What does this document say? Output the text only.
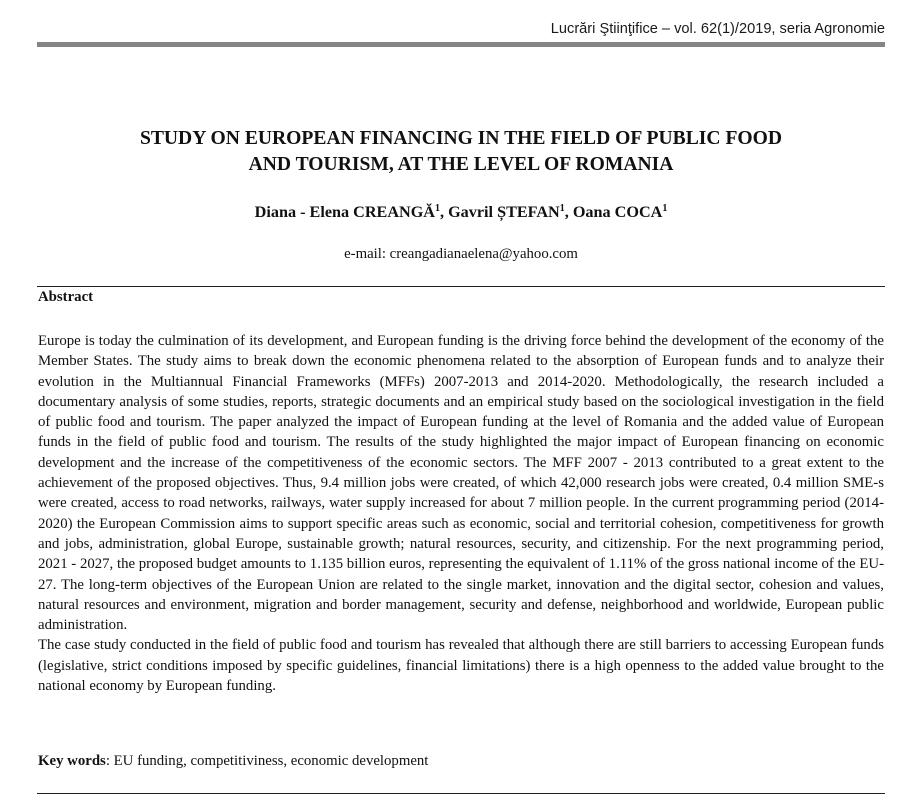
Lucrări Ştiinţifice – vol. 62(1)/2019, seria Agronomie
STUDY ON EUROPEAN FINANCING IN THE FIELD OF PUBLIC FOOD
AND TOURISM, AT THE LEVEL OF ROMANIA
Diana - Elena CREANGĂ$^1$, Gavril ȘTEFAN$^1$, Oana COCA$^1$
e-mail: creangadianaelena@yahoo.com
Abstract

Europe is today the culmination of its development, and European funding is the driving force behind the development of the economy of the Member States. The study aims to break down the economic phenomena related to the absorption of European funds and to analyze their evolution in the Multiannual Financial Frameworks (MFFs) 2007-2013 and 2014-2020. Methodologically, the research included a documentary analysis of some studies, reports, strategic documents and an empirical study based on the sociological investigation in the field of public food and tourism. The paper analyzed the impact of European funding at the level of Romania and the added value of European funds in the field of public food and tourism. The results of the study highlighted the major impact of European financing on economic development and the increase of the competitiveness of the economic sectors. The MFF 2007 - 2013 contributed to a great extent to the achievement of the proposed objectives. Thus, 9.4 million jobs were created, of which 42,000 research jobs were created, 0.4 million SME-s were created, access to road networks, railways, water supply increased for about 7 million people. In the current programming period (2014-2020) the European Commission aims to support specific areas such as economic, social and territorial cohesion, competitiveness for growth and jobs, administration, global Europe, sustainable growth; natural resources, security, and citizenship. For the next programming period, 2021 - 2027, the proposed budget amounts to 1.135 billion euros, representing the equivalent of 1.11% of the gross national income of the EU-27. The long-term objectives of the European Union are related to the single market, innovation and the digital sector, cohesion and values, natural resources and environment, migration and border management, security and defense, neighborhood and worldwide, European public administration.

The case study conducted in the field of public food and tourism has revealed that although there are still barriers to accessing European funds (legislative, strict conditions imposed by specific guidelines, financial limitations) there is a high openness to the added value brought to the national economy by European funding.

Key words: EU funding, competitiviness, economic development
